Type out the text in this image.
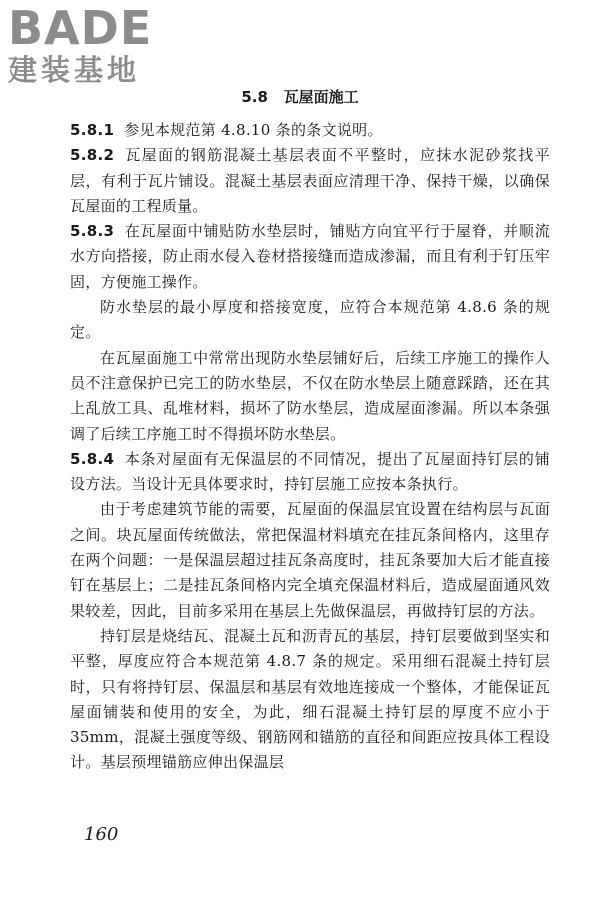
BADE
建装基地
5.8 瓦屋面施工

5.8.1 参见本规范第 4.8.10 条的条文说明。

5.8.2 瓦屋面的钢筋混凝土基层表面不平整时，应抹水泥砂浆找平层，有利于瓦片铺设。混凝土基层表面应清理干净、保持干燥，以确保瓦屋面的工程质量。

5.8.3 在瓦屋面中铺贴防水垫层时，铺贴方向宜平行于屋脊，并顺流水方向搭接，防止雨水侵入卷材搭接缝而造成渗漏，而且有利于钉压牢固，方便施工操作。

防水垫层的最小厚度和搭接宽度，应符合本规范第 4.8.6 条的规定。

在瓦屋面施工中常常出现防水垫层铺好后，后续工序施工的操作人员不注意保护已完工的防水垫层，不仅在防水垫层上随意踩踏，还在其上乱放工具、乱堆材料，损坏了防水垫层，造成屋面渗漏。所以本条强调了后续工序施工时不得损坏防水垫层。

5.8.4 本条对屋面有无保温层的不同情况，提出了瓦屋面持钉层的铺设方法。当设计无具体要求时，持钉层施工应按本条执行。

由于考虑建筑节能的需要，瓦屋面的保温层宜设置在结构层与瓦面之间。块瓦屋面传统做法，常把保温材料填充在挂瓦条间格内，这里存在两个问题：一是保温层超过挂瓦条高度时，挂瓦条要加大后才能直接钉在基层上；二是挂瓦条间格内完全填充保温材料后，造成屋面通风效果较差，因此，目前多采用在基层上先做保温层，再做持钉层的方法。

持钉层是烧结瓦、混凝土瓦和沥青瓦的基层，持钉层要做到坚实和平整，厚度应符合本规范第 4.8.7 条的规定。采用细石混凝土持钉层时，只有将持钉层、保温层和基层有效地连接成一个整体，才能保证瓦屋面铺装和使用的安全，为此，细石混凝土持钉层的厚度不应小于 35mm，混凝土强度等级、钢筋网和锚筋的直径和间距应按具体工程设计。基层预埋锚筋应伸出保温层

160
